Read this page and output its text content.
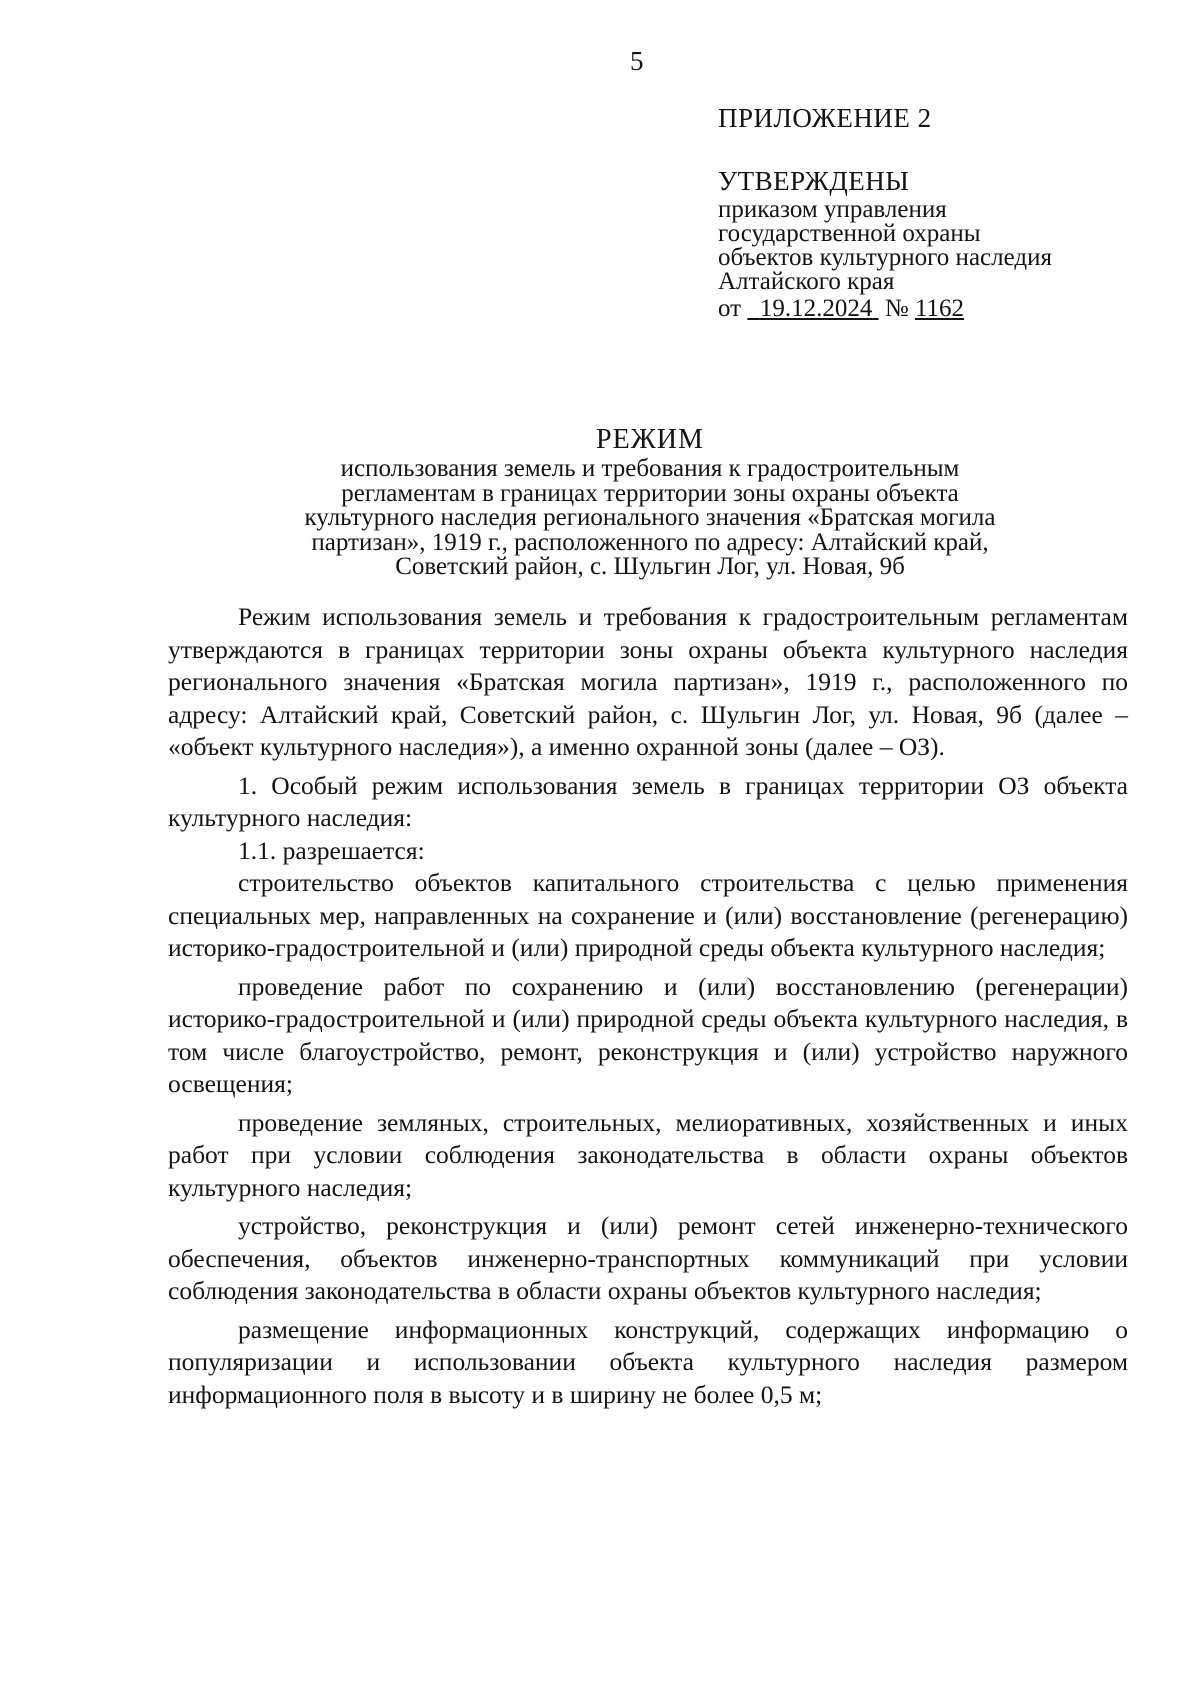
5

ПРИЛОЖЕНИЕ 2

УТВЕРЖДЕНЫ

приказом управления

государственной охраны

объектов культурного наследия

Алтайского края

от 19.12.2024 № 1162

РЕЖИМ

использования земель и требования к градостроительным

регламентам в границах территории зоны охраны объекта

культурного наследия регионального значения «Братская могила

партизан», 1919 г., расположенного по адресу: Алтайский край,

Советский район, с. Шульгин Лог, ул. Новая, 9б

Режим использования земель и требования к градостроительным регламентам утверждаются в границах территории зоны охраны объекта культурного наследия регионального значения «Братская могила партизан», 1919 г., расположенного по адресу: Алтайский край, Советский район, с. Шульгин Лог, ул. Новая, 9б (далее – «объект культурного наследия»), а именно охранной зоны (далее – ОЗ).

1. Особый режим использования земель в границах территории ОЗ объекта культурного наследия:

1.1. разрешается:

строительство объектов капитального строительства с целью применения специальных мер, направленных на сохранение и (или) восстановление (регенерацию) историко-градостроительной и (или) природной среды объекта культурного наследия;

проведение работ по сохранению и (или) восстановлению (регенерации) историко-градостроительной и (или) природной среды объекта культурного наследия, в том числе благоустройство, ремонт, реконструкция и (или) устройство наружного освещения;

проведение земляных, строительных, мелиоративных, хозяйственных и иных работ при условии соблюдения законодательства в области охраны объектов культурного наследия;

устройство, реконструкция и (или) ремонт сетей инженерно-технического обеспечения, объектов инженерно-транспортных коммуникаций при условии соблюдения законодательства в области охраны объектов культурного наследия;

размещение информационных конструкций, содержащих информацию о популяризации и использовании объекта культурного наследия размером информационного поля в высоту и в ширину не более 0,5 м;
